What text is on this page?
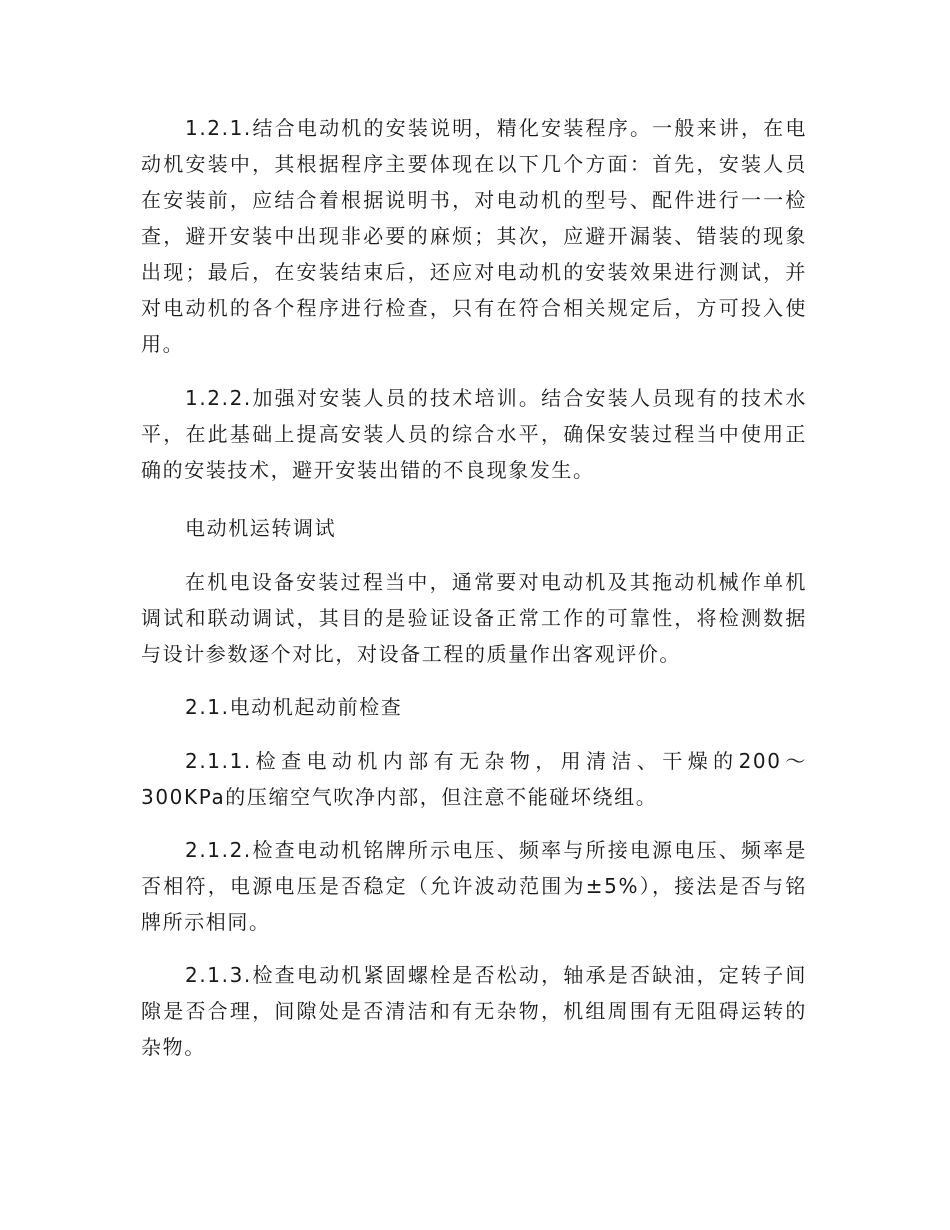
1.2.1.结合电动机的安装说明，精化安装程序。一般来讲，在电动机安装中，其根据程序主要体现在以下几个方面：首先，安装人员在安装前，应结合着根据说明书，对电动机的型号、配件进行一一检查，避开安装中出现非必要的麻烦；其次，应避开漏装、错装的现象出现；最后，在安装结束后，还应对电动机的安装效果进行测试，并对电动机的各个程序进行检查，只有在符合相关规定后，方可投入使用。

1.2.2.加强对安装人员的技术培训。结合安装人员现有的技术水平，在此基础上提高安装人员的综合水平，确保安装过程当中使用正确的安装技术，避开安装出错的不良现象发生。

电动机运转调试

在机电设备安装过程当中，通常要对电动机及其拖动机械作单机调试和联动调试，其目的是验证设备正常工作的可靠性，将检测数据与设计参数逐个对比，对设备工程的质量作出客观评价。

2.1.电动机起动前检查

2.1.1.检查电动机内部有无杂物，用清洁、干燥的200～300KPa的压缩空气吹净内部，但注意不能碰坏绕组。

2.1.2.检查电动机铭牌所示电压、频率与所接电源电压、频率是否相符，电源电压是否稳定（允许波动范围为±5%），接法是否与铭牌所示相同。

2.1.3.检查电动机紧固螺栓是否松动，轴承是否缺油，定转子间隙是否合理，间隙处是否清洁和有无杂物，机组周围有无阻碍运转的杂物。
